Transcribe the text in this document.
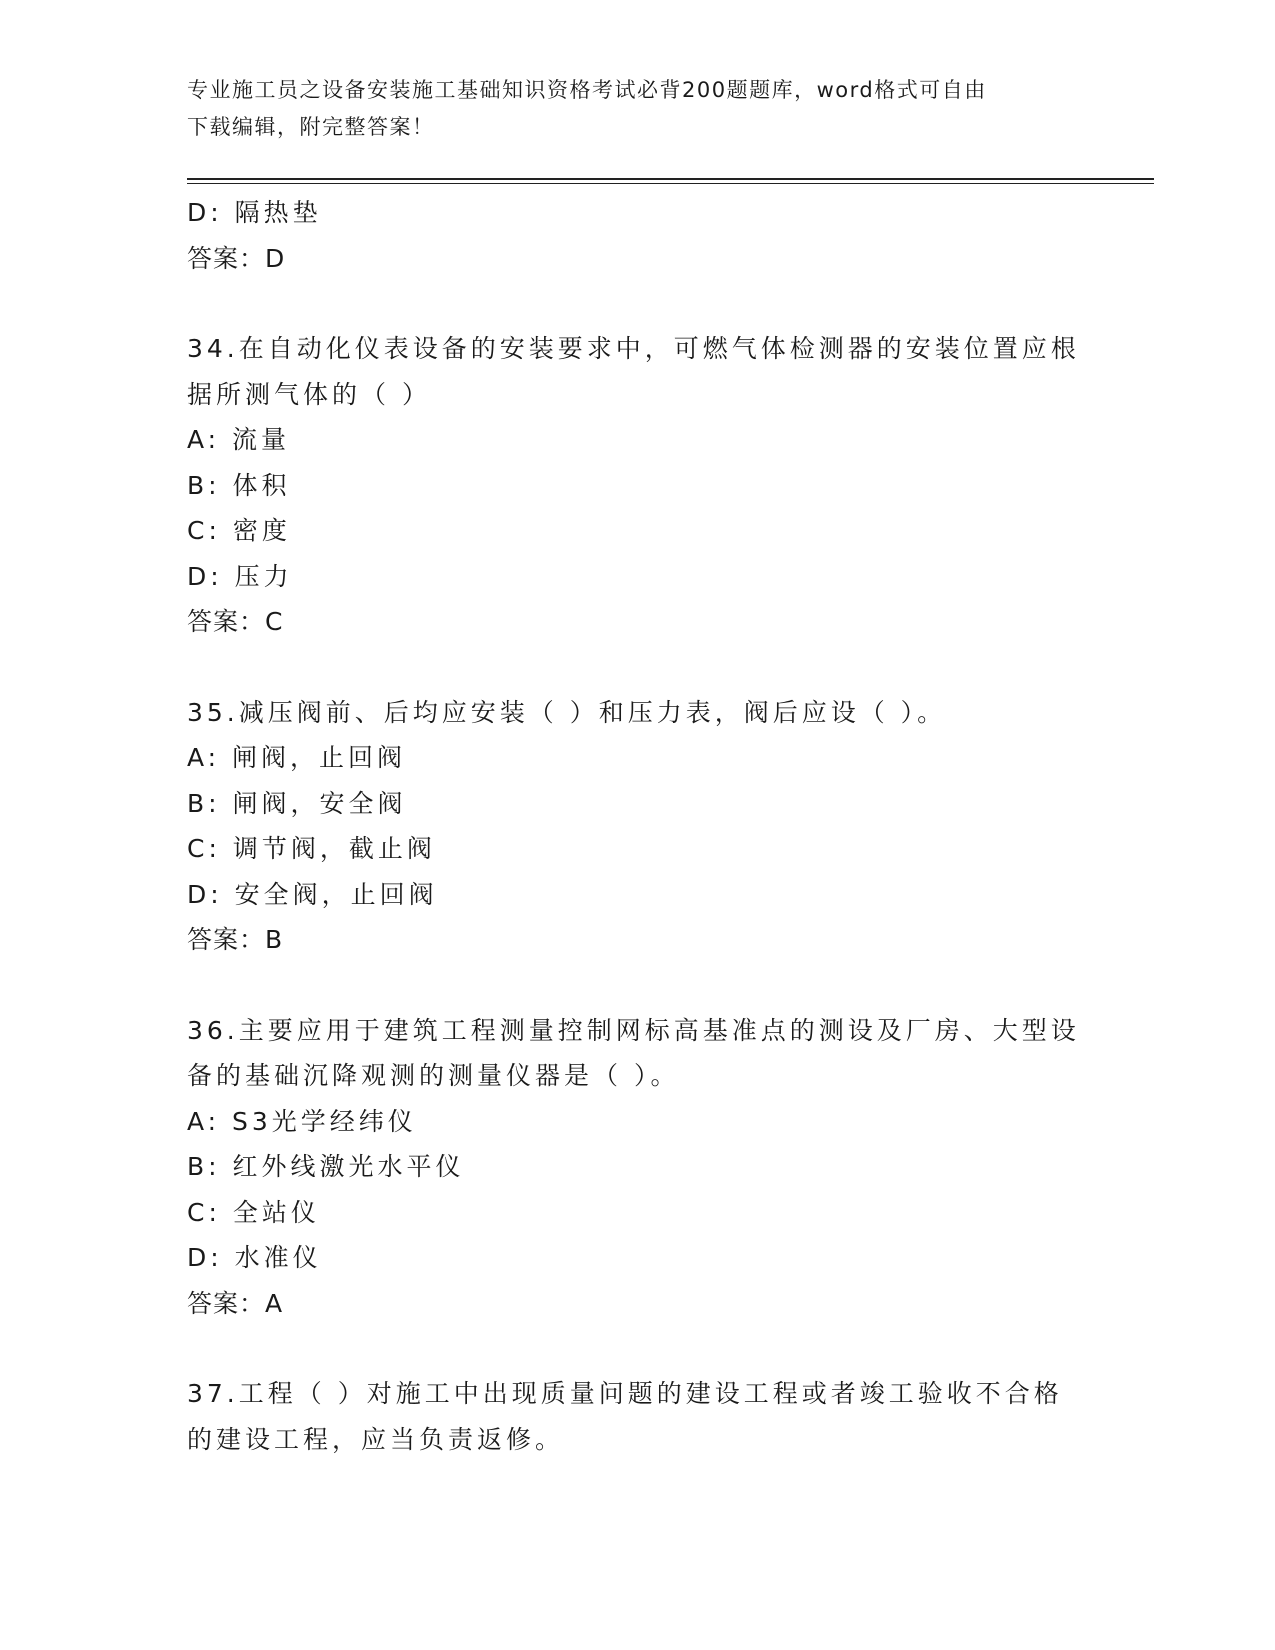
专业施工员之设备安装施工基础知识资格考试必背200题题库，word格式可自由
下载编辑，附完整答案！
D: 隔热垫
答案：D
34.在自动化仪表设备的安装要求中，可燃气体检测器的安装位置应根
据所测气体的（ ）
A: 流量
B: 体积
C: 密度
D: 压力
答案：C
35.减压阀前、后均应安装（ ）和压力表，阀后应设（ ）。
A: 闸阀，止回阀
B: 闸阀，安全阀
C: 调节阀，截止阀
D: 安全阀，止回阀
答案：B
36.主要应用于建筑工程测量控制网标高基准点的测设及厂房、大型设
备的基础沉降观测的测量仪器是（ ）。
A: S3光学经纬仪
B: 红外线激光水平仪
C: 全站仪
D: 水准仪
答案：A
37.工程（ ）对施工中出现质量问题的建设工程或者竣工验收不合格
的建设工程，应当负责返修。
